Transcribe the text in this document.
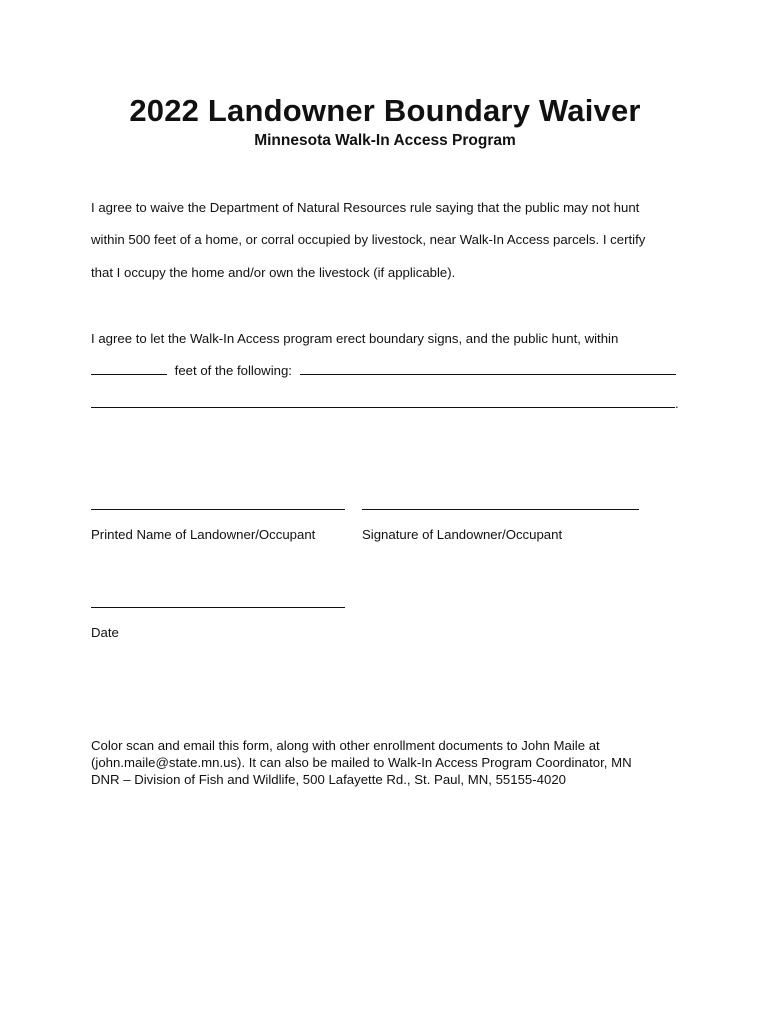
2022 Landowner Boundary Waiver
Minnesota Walk-In Access Program
I agree to waive the Department of Natural Resources rule saying that the public may not hunt
within 500 feet of a home, or corral occupied by livestock, near Walk-In Access parcels. I certify
that I occupy the home and/or own the livestock (if applicable).
I agree to let the Walk-In Access program erect boundary signs, and the public hunt, within
feet of the following:
.
Printed Name of Landowner/Occupant	Signature of Landowner/Occupant
Date
Color scan and email this form, along with other enrollment documents to John Maile at
(john.maile@state.mn.us). It can also be mailed to Walk-In Access Program Coordinator, MN
DNR – Division of Fish and Wildlife, 500 Lafayette Rd., St. Paul, MN, 55155-4020
